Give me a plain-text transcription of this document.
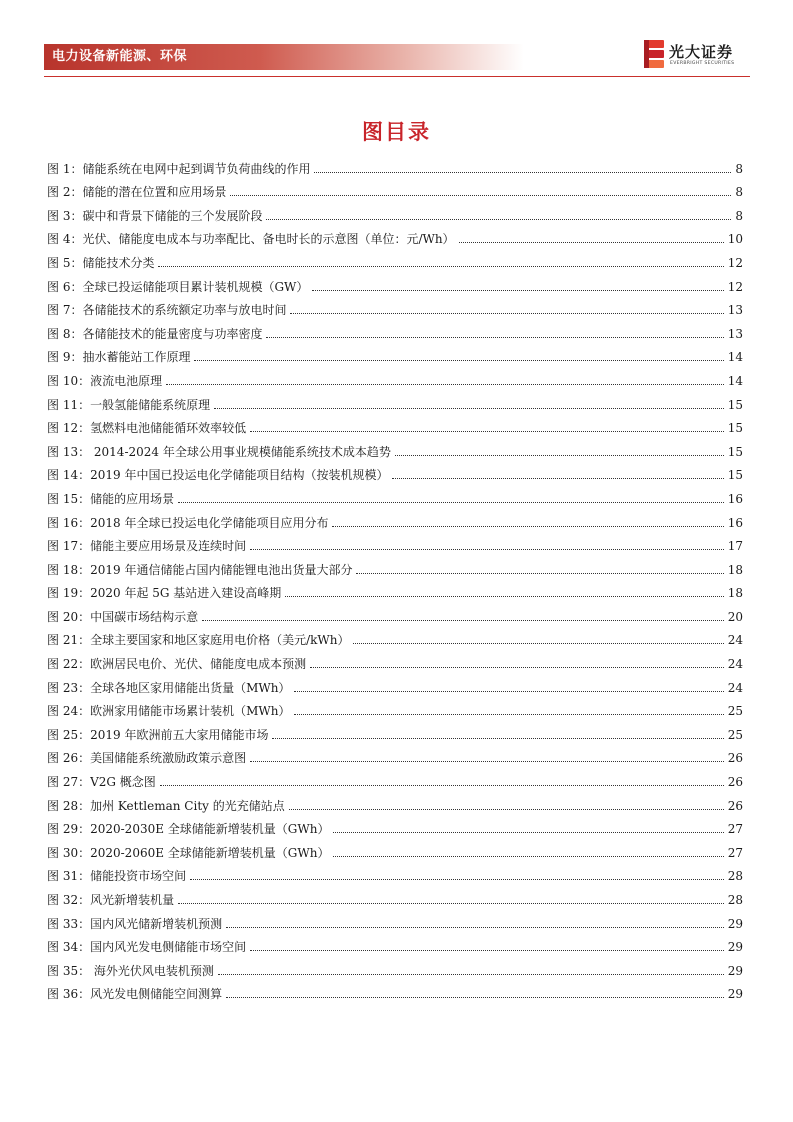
电力设备新能源、环保	光大证券
EVERBRIGHT SECURITIES
图目录
图 1：储能系统在电网中起到调节负荷曲线的作用	8
图 2：储能的潜在位置和应用场景	8
图 3：碳中和背景下储能的三个发展阶段	8
图 4：光伏、储能度电成本与功率配比、备电时长的示意图（单位：元/Wh）	10
图 5：储能技术分类	12
图 6：全球已投运储能项目累计装机规模（GW）	12
图 7：各储能技术的系统额定功率与放电时间	13
图 8：各储能技术的能量密度与功率密度	13
图 9：抽水蓄能站工作原理	14
图 10：液流电池原理	14
图 11：一般氢能储能系统原理	15
图 12：氢燃料电池储能循环效率较低	15
图 13： 2014-2024 年全球公用事业规模储能系统技术成本趋势	15
图 14：2019 年中国已投运电化学储能项目结构（按装机规模）	15
图 15：储能的应用场景	16
图 16：2018 年全球已投运电化学储能项目应用分布	16
图 17：储能主要应用场景及连续时间	17
图 18：2019 年通信储能占国内储能锂电池出货量大部分	18
图 19：2020 年起 5G 基站进入建设高峰期	18
图 20：中国碳市场结构示意	20
图 21：全球主要国家和地区家庭用电价格（美元/kWh）	24
图 22：欧洲居民电价、光伏、储能度电成本预测	24
图 23：全球各地区家用储能出货量（MWh）	24
图 24：欧洲家用储能市场累计装机（MWh）	25
图 25：2019 年欧洲前五大家用储能市场	25
图 26：美国储能系统激励政策示意图	26
图 27：V2G 概念图	26
图 28：加州 Kettleman City 的光充储站点	26
图 29：2020-2030E 全球储能新增装机量（GWh）	27
图 30：2020-2060E 全球储能新增装机量（GWh）	27
图 31：储能投资市场空间	28
图 32：风光新增装机量	28
图 33：国内风光储新增装机预测	29
图 34：国内风光发电侧储能市场空间	29
图 35： 海外光伏风电装机预测	29
图 36：风光发电侧储能空间测算	29
